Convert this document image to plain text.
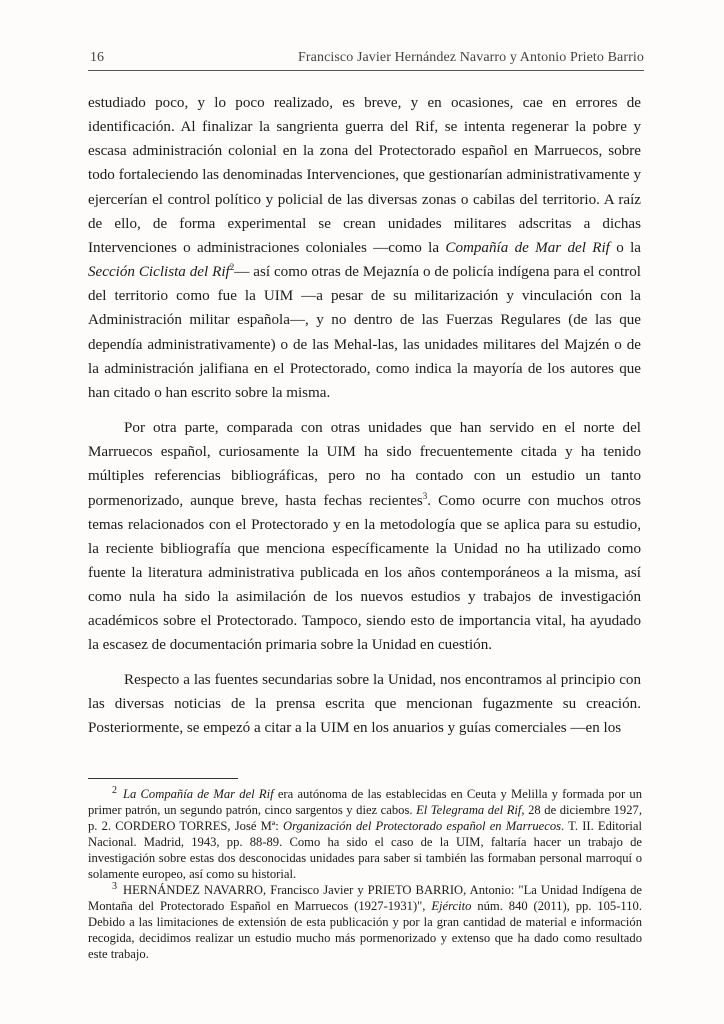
16	Francisco Javier Hernández Navarro y Antonio Prieto Barrio

estudiado poco, y lo poco realizado, es breve, y en ocasiones, cae en errores de identificación. Al finalizar la sangrienta guerra del Rif, se intenta regenerar la pobre y escasa administración colonial en la zona del Protectorado español en Marruecos, sobre todo fortaleciendo las denominadas Intervenciones, que gestionarían administrativamente y ejercerían el control político y policial de las diversas zonas o cabilas del territorio. A raíz de ello, de forma experimental se crean unidades militares adscritas a dichas Intervenciones o administraciones coloniales —como la Compañía de Mar del Rif o la Sección Ciclista del Rif$^2$— así como otras de Mejaznía o de policía indígena para el control del territorio como fue la UIM —a pesar de su militarización y vinculación con la Administración militar española—, y no dentro de las Fuerzas Regulares (de las que dependía administrativamente) o de las Mehal-las, las unidades militares del Majzén o de la administración jalifiana en el Protectorado, como indica la mayoría de los autores que han citado o han escrito sobre la misma.

Por otra parte, comparada con otras unidades que han servido en el norte del Marruecos español, curiosamente la UIM ha sido frecuentemente citada y ha tenido múltiples referencias bibliográficas, pero no ha contado con un estudio un tanto pormenorizado, aunque breve, hasta fechas recientes$^3$. Como ocurre con muchos otros temas relacionados con el Protectorado y en la metodología que se aplica para su estudio, la reciente bibliografía que menciona específicamente la Unidad no ha utilizado como fuente la literatura administrativa publicada en los años contemporáneos a la misma, así como nula ha sido la asimilación de los nuevos estudios y trabajos de investigación académicos sobre el Protectorado. Tampoco, siendo esto de importancia vital, ha ayudado la escasez de documentación primaria sobre la Unidad en cuestión.

Respecto a las fuentes secundarias sobre la Unidad, nos encontramos al principio con las diversas noticias de la prensa escrita que mencionan fugazmente su creación. Posteriormente, se empezó a citar a la UIM en los anuarios y guías comerciales —en los

$^2$ La Compañía de Mar del Rif era autónoma de las establecidas en Ceuta y Melilla y formada por un primer patrón, un segundo patrón, cinco sargentos y diez cabos. El Telegrama del Rif, 28 de diciembre 1927, p. 2. CORDERO TORRES, José Mª: Organización del Protectorado español en Marruecos. T. II. Editorial Nacional. Madrid, 1943, pp. 88-89. Como ha sido el caso de la UIM, faltaría hacer un trabajo de investigación sobre estas dos desconocidas unidades para saber si también las formaban personal marroquí o solamente europeo, así como su historial.

$^3$ HERNÁNDEZ NAVARRO, Francisco Javier y PRIETO BARRIO, Antonio: "La Unidad Indígena de Montaña del Protectorado Español en Marruecos (1927-1931)", Ejército núm. 840 (2011), pp. 105-110. Debido a las limitaciones de extensión de esta publicación y por la gran cantidad de material e información recogida, decidimos realizar un estudio mucho más pormenorizado y extenso que ha dado como resultado este trabajo.
